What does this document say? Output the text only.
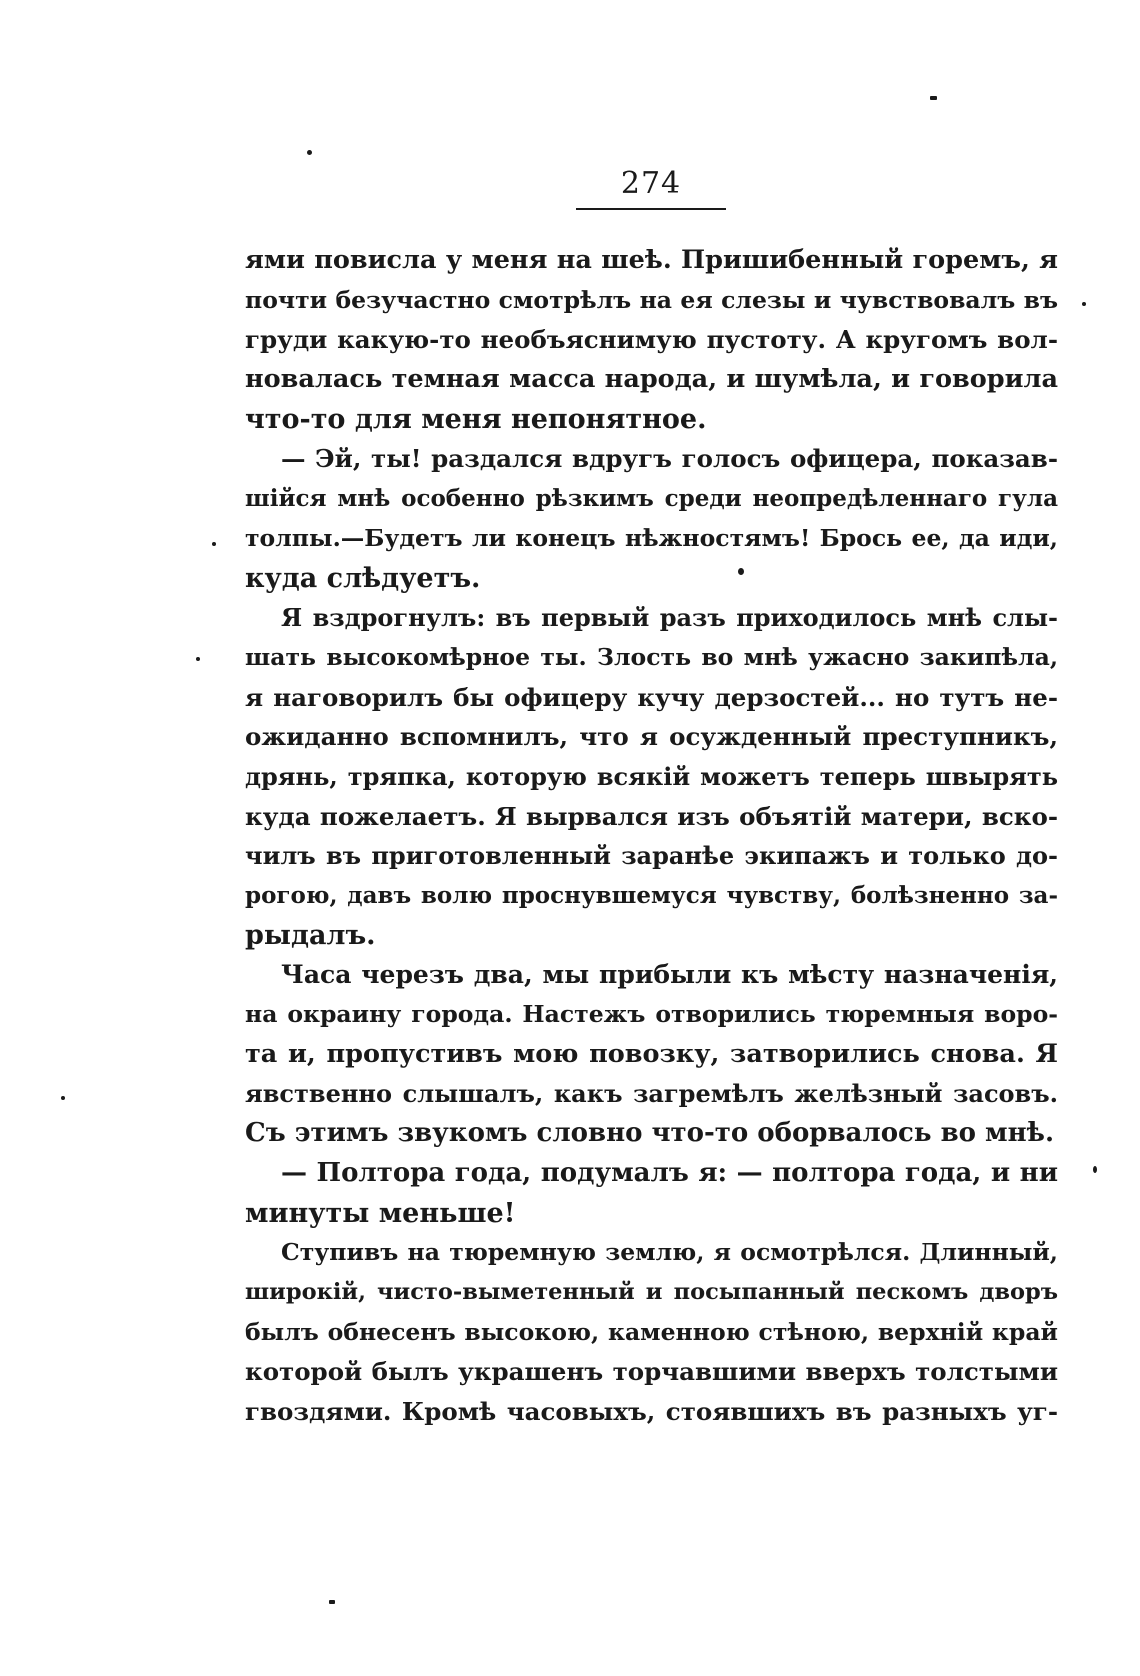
274
ями повисла у меня на шеѣ. Пришибенный горемъ, я
почти безучастно смотрѣлъ на ея слезы и чувствовалъ въ
груди какую-то необъяснимую пустоту. А кругомъ вол-
новалась темная масса народа, и шумѣла, и говорила
что-то для меня непонятное.
— Эй, ты! раздался вдругъ голосъ офицера, показав-
шійся мнѣ особенно рѣзкимъ среди неопредѣленнаго гула
толпы.—Будетъ ли конецъ нѣжностямъ! Брось ее, да иди,
куда слѣдуетъ.
Я вздрогнулъ: въ первый разъ приходилось мнѣ слы-
шать высокомѣрное ты. Злость во мнѣ ужасно закипѣла,
я наговорилъ бы офицеру кучу дерзостей... но тутъ не-
ожиданно вспомнилъ, что я осужденный преступникъ,
дрянь, тряпка, которую всякій можетъ теперь швырять
куда пожелаетъ. Я вырвался изъ объятій матери, вско-
чилъ въ приготовленный заранѣе экипажъ и только до-
рогою, давъ волю проснувшемуся чувству, болѣзненно за-
рыдалъ.
Часа черезъ два, мы прибыли къ мѣсту назначенія,
на окраину города. Настежъ отворились тюремныя воро-
та и, пропустивъ мою повозку, затворились снова. Я
явственно слышалъ, какъ загремѣлъ желѣзный засовъ.
Съ этимъ звукомъ словно что-то оборвалось во мнѣ.
— Полтора года, подумалъ я: — полтора года, и ни
минуты меньше!
Ступивъ на тюремную землю, я осмотрѣлся. Длинный,
широкій, чисто-выметенный и посыпанный пескомъ дворъ
былъ обнесенъ высокою, каменною стѣною, верхній край
которой былъ украшенъ торчавшими вверхъ толстыми
гвоздями. Кромѣ часовыхъ, стоявшихъ въ разныхъ уг-
